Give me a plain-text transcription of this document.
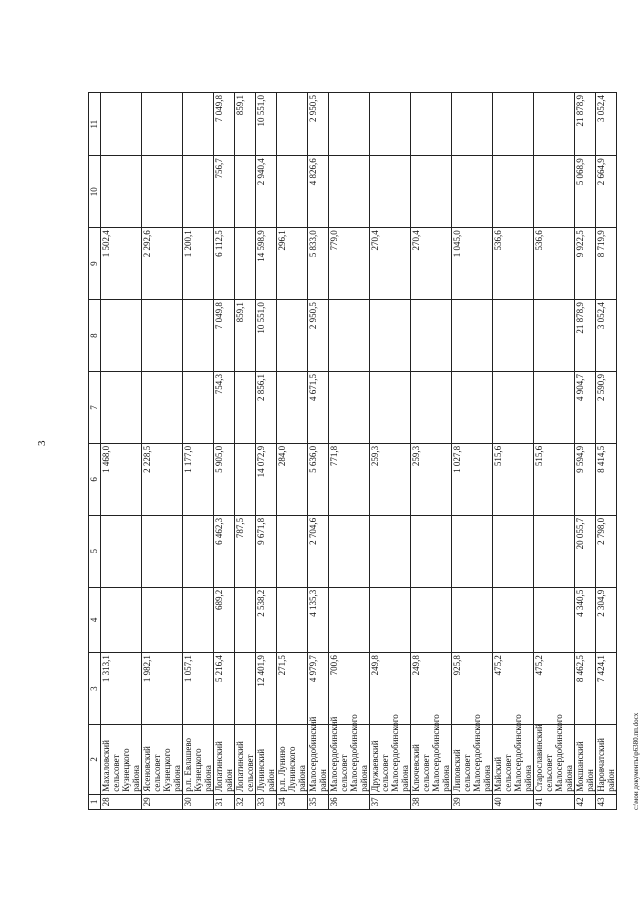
3
1	2	3	4	5	6	7	8	9	10	11
28	Махаловский сельсовет Кузнецкого района	1 313,1			1 468,0			1 502,4		
29	Ясеновский сельсовет Кузнецкого района	1 982,1			2 228,5			2 292,6		
30	р.п. Евлашево Кузнецкого района	1 057,1			1 177,0			1 200,1		
31	Лопатинский район	5 216,4	689,2	6 462,3	5 905,0	754,3	7 049,8	6 112,5	756,7	7 049,8
32	Лопатинский сельсовет			787,5			859,1			859,1
33	Лунинский район	12 401,9	2 538,2	9 671,8	14 072,9	2 856,1	10 551,0	14 598,9	2 940,4	10 551,0
34	р.п. Лунино Лунинского района	271,5			284,0			296,1		
35	Малосердобинский район	4 979,7	4 135,3	2 704,6	5 636,0	4 671,5	2 950,5	5 833,0	4 826,6	2 950,5
36	Малосердобинский сельсовет Малосердобинского района	700,6			771,8			779,0		
37	Дружаевский сельсовет Малосердобинского района	249,8			259,3			270,4		
38	Ключевский сельсовет Малосердобинского района	249,8			259,3			270,4		
39	Липовский сельсовет Малосердобинского района	925,8			1 027,8			1 045,0		
40	Майский сельсовет Малосердобинского района	475,2			515,6			536,6		
41	Старославинский сельсовет Малосердобинского района	475,2			515,6			536,6		
42	Мокшанский район	8 462,5	4 340,5	20 055,7	9 594,9	4 904,7	21 878,9	9 922,5	5 068,9	21 878,9
43	Наровчатский район	7 424,1	2 304,9	2 798,0	8 414,5	2 590,9	3 052,4	8 719,9	2 664,9	3 052,4
c:\мои документы\р6380.пп.docx
